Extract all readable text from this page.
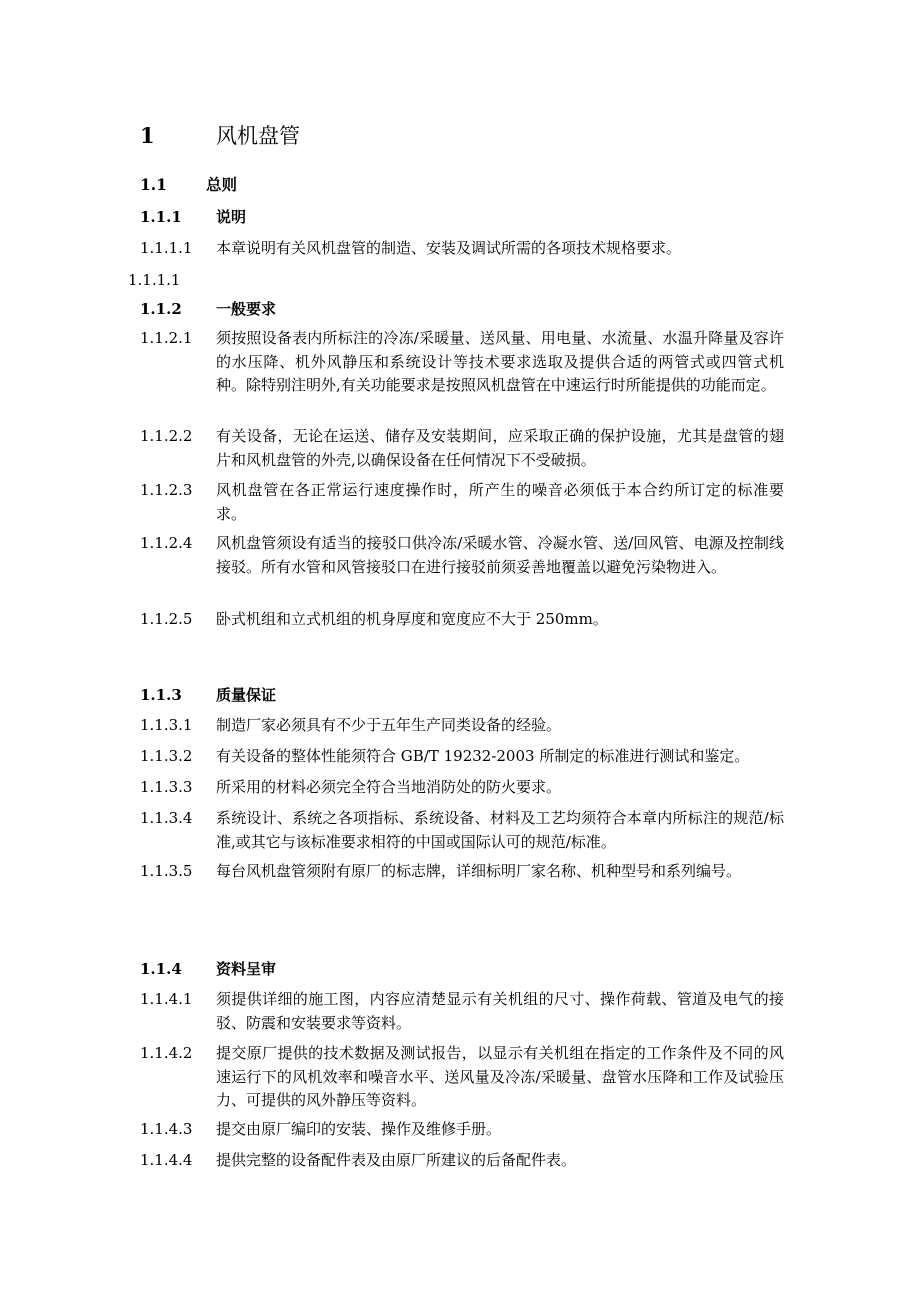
1	风机盘管
1.1	总则
1.1.1 说明
1.1.1.1 本章说明有关风机盘管的制造、安装及调试所需的各项技术规格要求。
1.1.1.1
1.1.2 一般要求
1.1.2.1 须按照设备表内所标注的冷冻/采暖量、送风量、用电量、水流量、水温升降量及容许的水压降、机外风静压和系统设计等技术要求选取及提供合适的两管式或四管式机种。除特别注明外,有关功能要求是按照风机盘管在中速运行时所能提供的功能而定。
1.1.2.2 有关设备，无论在运送、储存及安装期间，应采取正确的保护设施，尤其是盘管的翅片和风机盘管的外壳,以确保设备在任何情况下不受破损。
1.1.2.3 风机盘管在各正常运行速度操作时，所产生的噪音必须低于本合约所订定的标准要求。
1.1.2.4 风机盘管须设有适当的接驳口供冷冻/采暖水管、冷凝水管、送/回风管、电源及控制线接驳。所有水管和风管接驳口在进行接驳前须妥善地覆盖以避免污染物进入。
1.1.2.5 卧式机组和立式机组的机身厚度和宽度应不大于 250mm。
1.1.3 质量保证
1.1.3.1 制造厂家必须具有不少于五年生产同类设备的经验。
1.1.3.2 有关设备的整体性能须符合 GB/T 19232-2003 所制定的标准进行测试和鉴定。
1.1.3.3 所采用的材料必须完全符合当地消防处的防火要求。
1.1.3.4 系统设计、系统之各项指标、系统设备、材料及工艺均须符合本章内所标注的规范/标准,或其它与该标准要求相符的中国或国际认可的规范/标准。
1.1.3.5 每台风机盘管须附有原厂的标志牌，详细标明厂家名称、机种型号和系列编号。
1.1.4 资料呈审
1.1.4.1 须提供详细的施工图，内容应清楚显示有关机组的尺寸、操作荷载、管道及电气的接驳、防震和安装要求等资料。
1.1.4.2 提交原厂提供的技术数据及测试报告，以显示有关机组在指定的工作条件及不同的风速运行下的风机效率和噪音水平、送风量及冷冻/采暖量、盘管水压降和工作及试验压力、可提供的风外静压等资料。
1.1.4.3 提交由原厂编印的安装、操作及维修手册。
1.1.4.4 提供完整的设备配件表及由原厂所建议的后备配件表。
